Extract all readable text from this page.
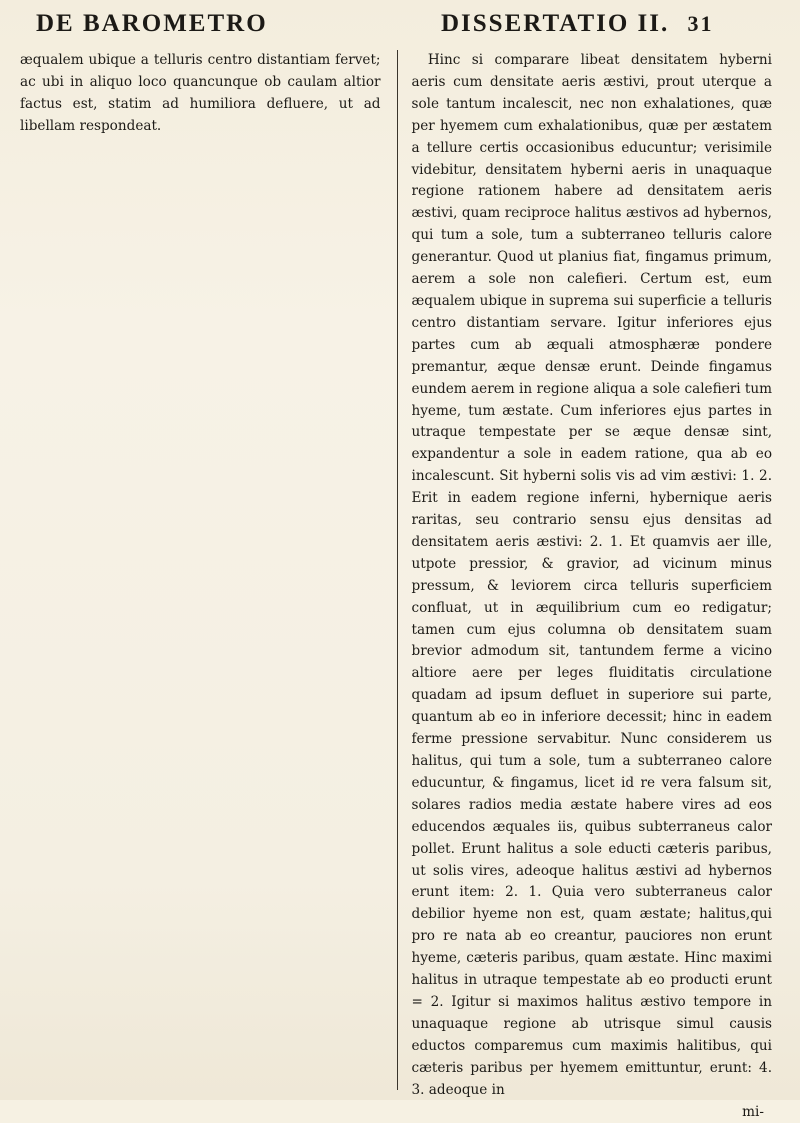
DE BAROMETRO	DISSERTATIO II. 31

æqualem ubique a telluris centro distantiam fervet; ac ubi in aliquo loco quancunque ob caulam altior factus est, statim ad humiliora defluere, ut ad libellam respondeat.

Hinc si comparare libeat densitatem hyberni aeris cum densitate aeris æstivi, prout uterque a sole tantum incalescit, nec non exhalationes, quæ per hyemem cum exhalationibus, quæ per æstatem a tellure certis occasionibus educuntur; verisimile videbitur, densitatem hyberni aeris in unaquaque regione rationem habere ad densitatem aeris æstivi, quam reciproce halitus æstivos ad hybernos, qui tum a sole, tum a subterraneo telluris calore generantur. Quod ut planius fiat, fingamus primum, aerem a sole non calefieri. Certum est, eum æqualem ubique in suprema sui superficie a telluris centro distantiam servare. Igitur inferiores ejus partes cum ab æquali atmosphæræ pondere premantur, æque densæ erunt. Deinde fingamus eundem aerem in regione aliqua a sole calefieri tum hyeme, tum æstate. Cum inferiores ejus partes in utraque tempestate per se æque densæ sint, expandentur a sole in eadem ratione, qua ab eo incalescunt. Sit hyberni solis vis ad vim æstivi: 1. 2. Erit in eadem regione inferni, hybernique aeris raritas, seu contrario sensu ejus densitas ad densitatem aeris æstivi: 2. 1. Et quamvis aer ille, utpote pressior, & gravior, ad vicinum minus pressum, & leviorem circa telluris superficiem confluat, ut in æquilibrium cum eo redigatur; tamen cum ejus columna ob densitatem suam brevior admodum sit, tantundem ferme a vicino altiore aere per leges fluiditatis circulatione quadam ad ipsum defluet in superiore sui parte, quantum ab eo in inferiore decessit; hinc in eadem ferme pressione servabitur. Nunc considerem us halitus, qui tum a sole, tum a subterraneo calore educuntur, & fingamus, licet id re vera falsum sit, solares radios media æstate habere vires ad eos educendos æquales iis, quibus subterraneus calor pollet. Erunt halitus a sole educti cæteris paribus, ut solis vires, adeoque halitus æstivi ad hybernos erunt item: 2. 1. Quia vero subterraneus calor debilior hyeme non est, quam æstate; halitus,qui pro re nata ab eo creantur, pauciores non erunt hyeme, cæteris paribus, quam æstate. Hinc maximi halitus in utraque tempestate ab eo producti erunt = 2. Igitur si maximos halitus æstivo tempore in unaquaque regione ab utrisque simul causis eductos comparemus cum maximis halitibus, qui cæteris paribus per hyemem emittuntur, erunt: 4. 3. adeoque in

mi-
